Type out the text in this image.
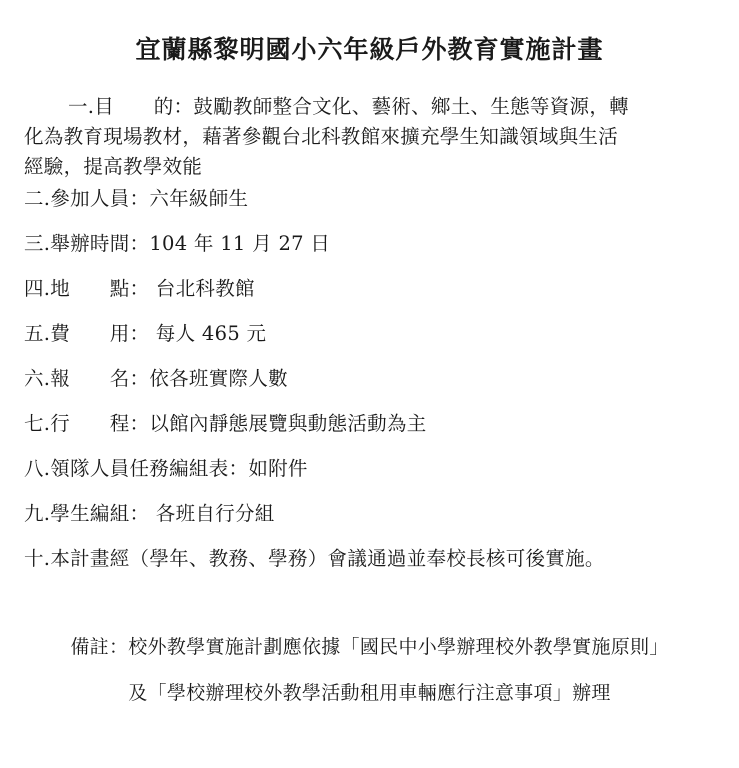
宜蘭縣黎明國小六年級戶外教育實施計畫
一.目　　的：鼓勵教師整合文化、藝術、鄉土、生態等資源，轉
化為教育現場教材，藉著參觀台北科教館來擴充學生知識領域與生活
經驗，提高教學效能
二.參加人員：六年級師生
三.舉辦時間：104 年 11 月 27 日
四.地　　點： 台北科教館
五.費　　用： 每人 465 元
六.報　　名：依各班實際人數
七.行　　程：以館內靜態展覽與動態活動為主
八.領隊人員任務編組表：如附件
九.學生編組： 各班自行分組
十.本計畫經（學年、教務、學務）會議通過並奉校長核可後實施。
備註：校外教學實施計劃應依據「國民中小學辦理校外教學實施原則」
及「學校辦理校外教學活動租用車輛應行注意事項」辦理
